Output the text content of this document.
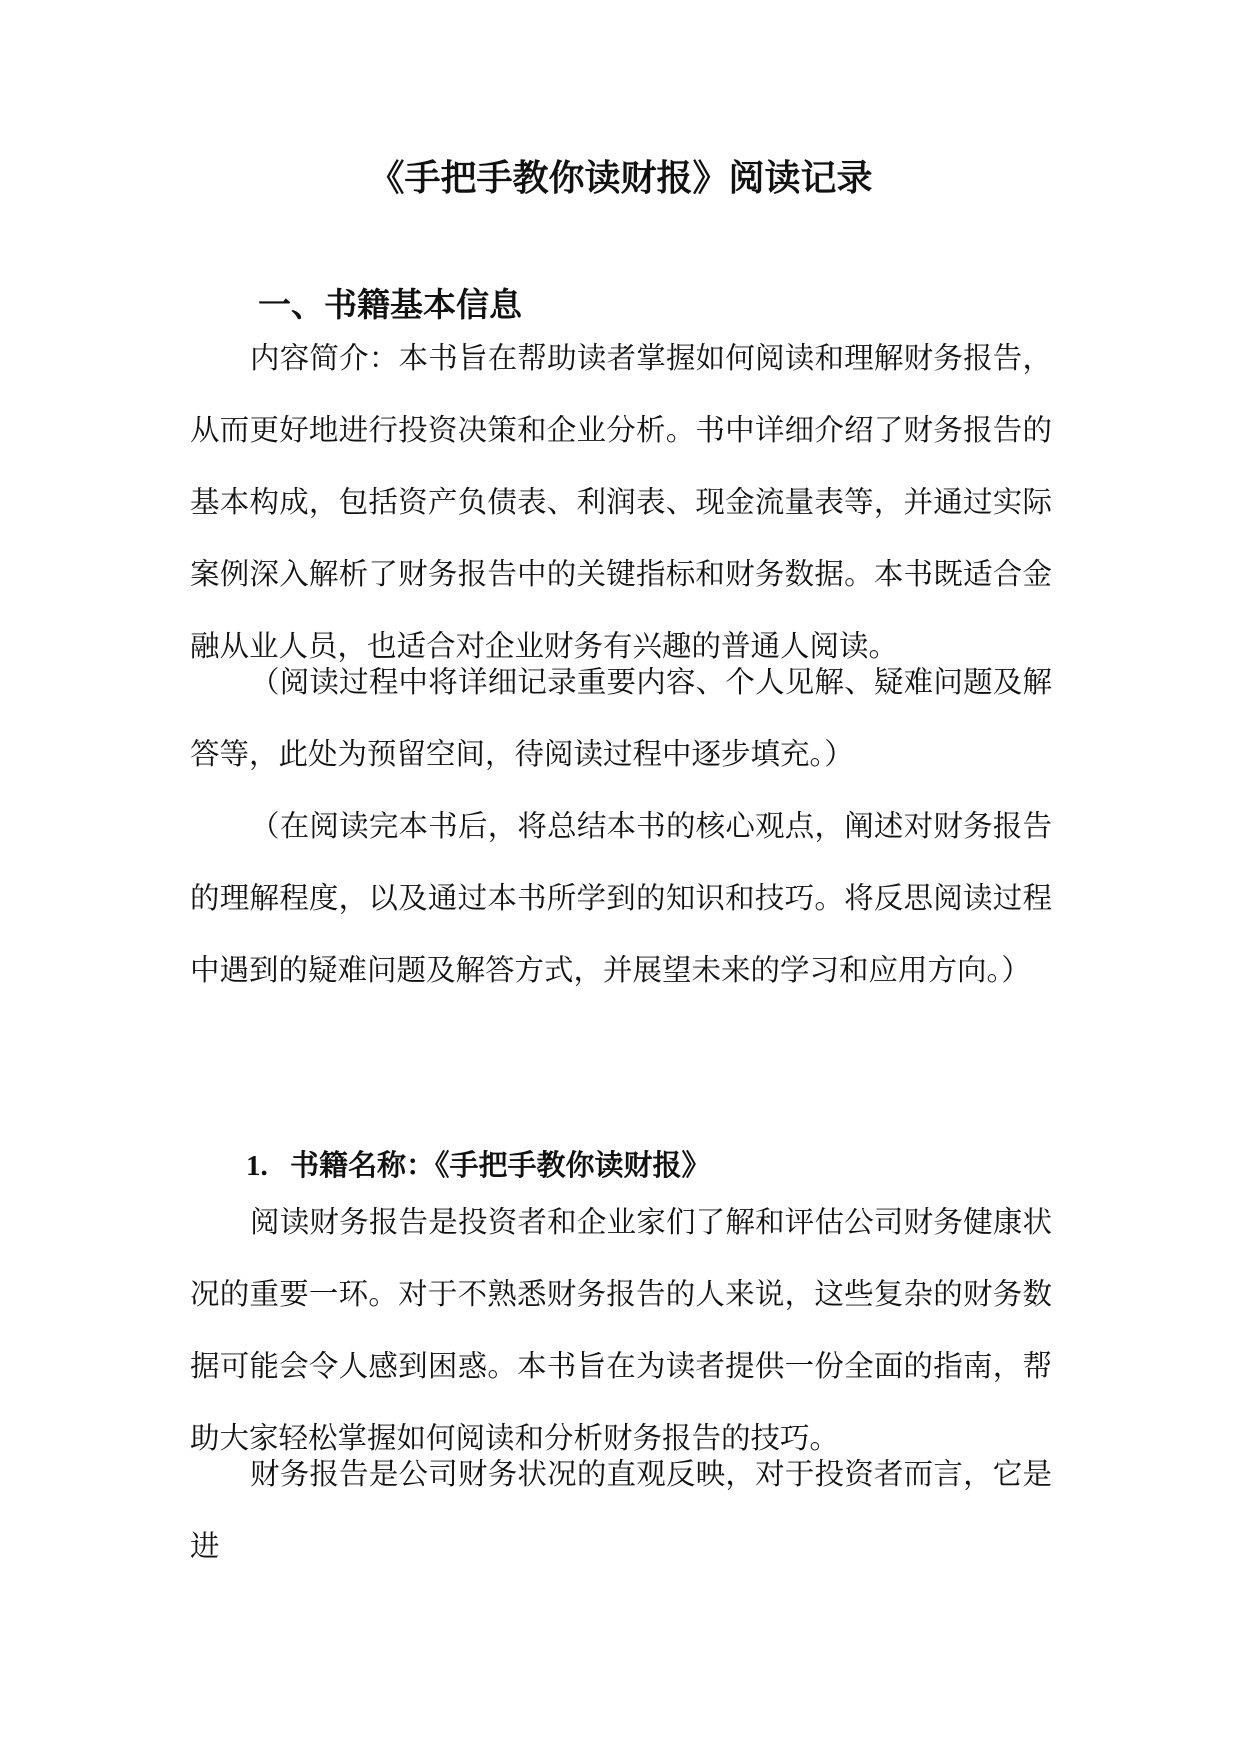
《手把手教你读财报》阅读记录
一、书籍基本信息

内容简介：本书旨在帮助读者掌握如何阅读和理解财务报告，从而更好地进行投资决策和企业分析。书中详细介绍了财务报告的基本构成，包括资产负债表、利润表、现金流量表等，并通过实际案例深入解析了财务报告中的关键指标和财务数据。本书既适合金融从业人员，也适合对企业财务有兴趣的普通人阅读。

（阅读过程中将详细记录重要内容、个人见解、疑难问题及解答等，此处为预留空间，待阅读过程中逐步填充。）

（在阅读完本书后，将总结本书的核心观点，阐述对财务报告的理解程度，以及通过本书所学到的知识和技巧。将反思阅读过程中遇到的疑难问题及解答方式，并展望未来的学习和应用方向。）

1. 书籍名称：《手把手教你读财报》

阅读财务报告是投资者和企业家们了解和评估公司财务健康状况的重要一环。对于不熟悉财务报告的人来说，这些复杂的财务数据可能会令人感到困惑。本书旨在为读者提供一份全面的指南，帮助大家轻松掌握如何阅读和分析财务报告的技巧。

财务报告是公司财务状况的直观反映，对于投资者而言，它是进
